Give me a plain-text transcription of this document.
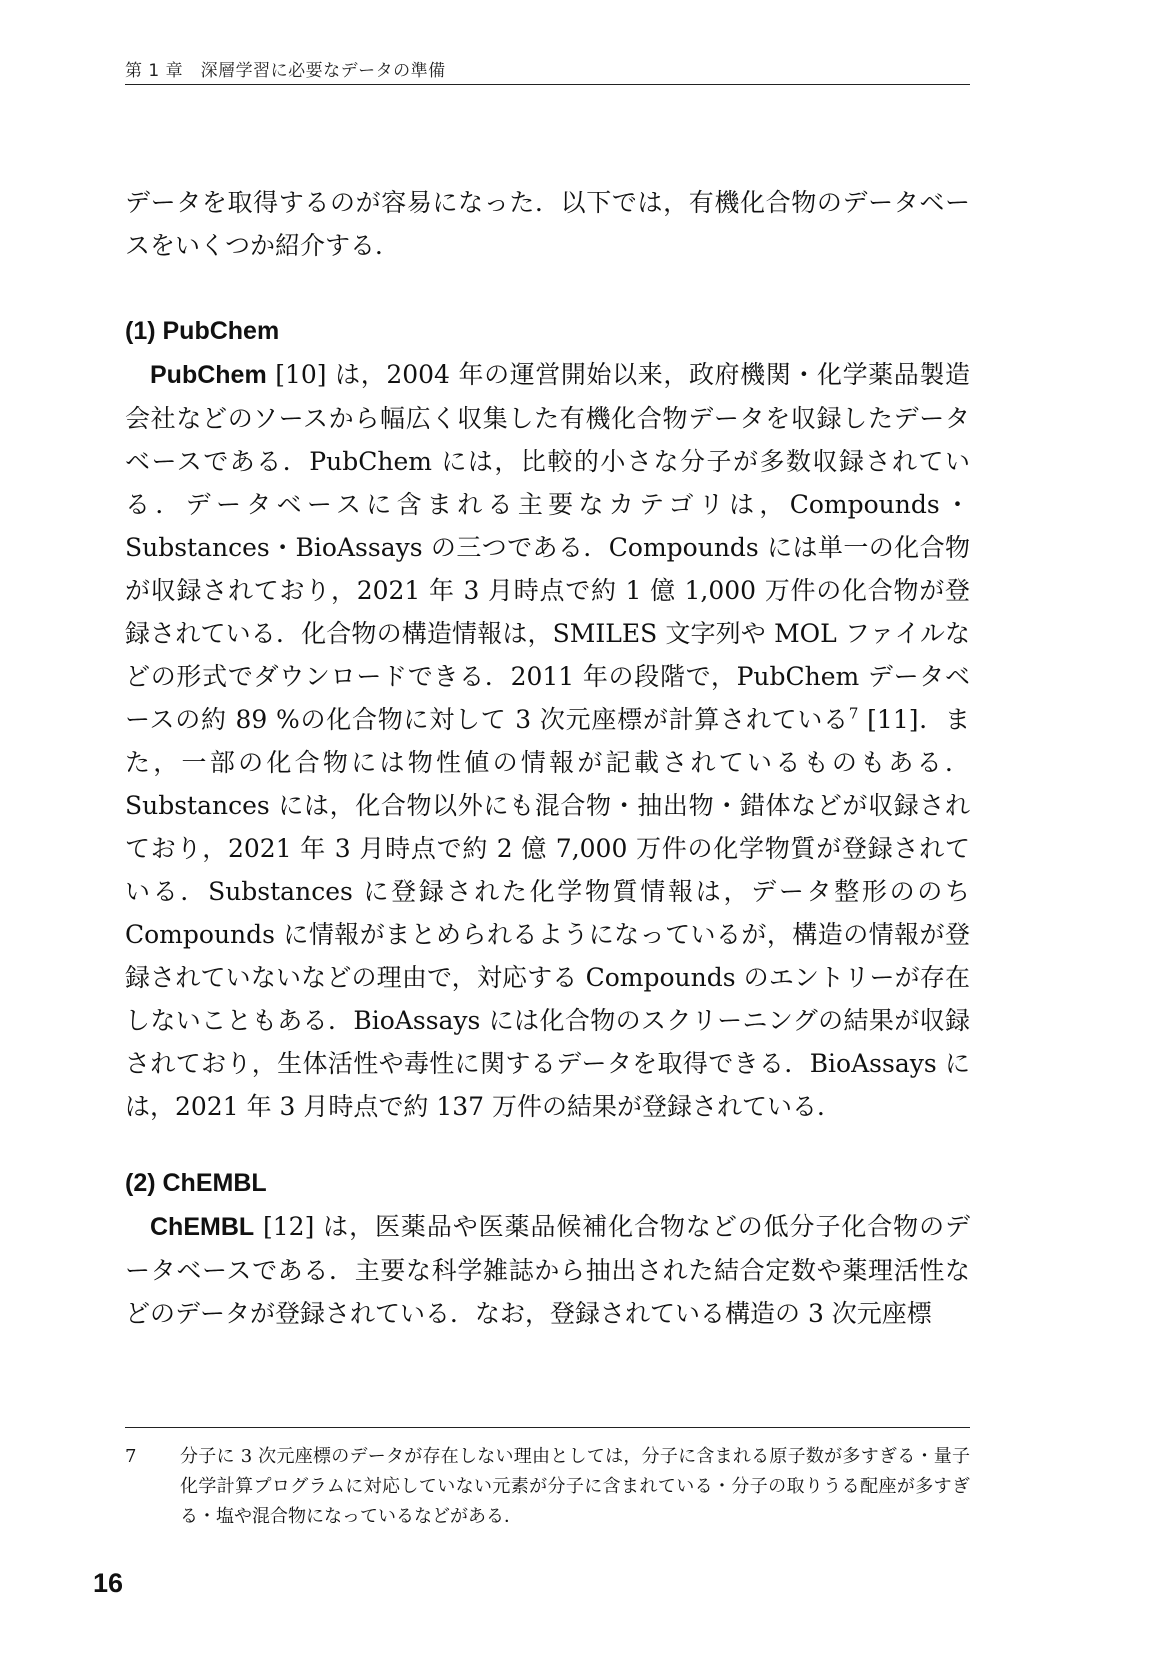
第 1 章　深層学習に必要なデータの準備

データを取得するのが容易になった．以下では，有機化合物のデータベースをいくつか紹介する．

(1) PubChem

PubChem [10] は，2004 年の運営開始以来，政府機関・化学薬品製造会社などのソースから幅広く収集した有機化合物データを収録したデータベースである．PubChem には，比較的小さな分子が多数収録されている．データベースに含まれる主要なカテゴリは，Compounds・Substances・BioAssays の三つである．Compounds には単一の化合物が収録されており，2021 年 3 月時点で約 1 億 1,000 万件の化合物が登録されている．化合物の構造情報は，SMILES 文字列や MOL ファイルなどの形式でダウンロードできる．2011 年の段階で，PubChem データベースの約 89 %の化合物に対して 3 次元座標が計算されている$^7$ [11]．また，一部の化合物には物性値の情報が記載されているものもある．Substances には，化合物以外にも混合物・抽出物・錯体などが収録されており，2021 年 3 月時点で約 2 億 7,000 万件の化学物質が登録されている．Substances に登録された化学物質情報は，データ整形ののち Compounds に情報がまとめられるようになっているが，構造の情報が登録されていないなどの理由で，対応する Compounds のエントリーが存在しないこともある．BioAssays には化合物のスクリーニングの結果が収録されており，生体活性や毒性に関するデータを取得できる．BioAssays には，2021 年 3 月時点で約 137 万件の結果が登録されている．

(2) ChEMBL

ChEMBL [12] は，医薬品や医薬品候補化合物などの低分子化合物のデータベースである．主要な科学雑誌から抽出された結合定数や薬理活性などのデータが登録されている．なお，登録されている構造の 3 次元座標

7	分子に 3 次元座標のデータが存在しない理由としては，分子に含まれる原子数が多すぎる・量子化学計算プログラムに対応していない元素が分子に含まれている・分子の取りうる配座が多すぎる・塩や混合物になっているなどがある．
16
